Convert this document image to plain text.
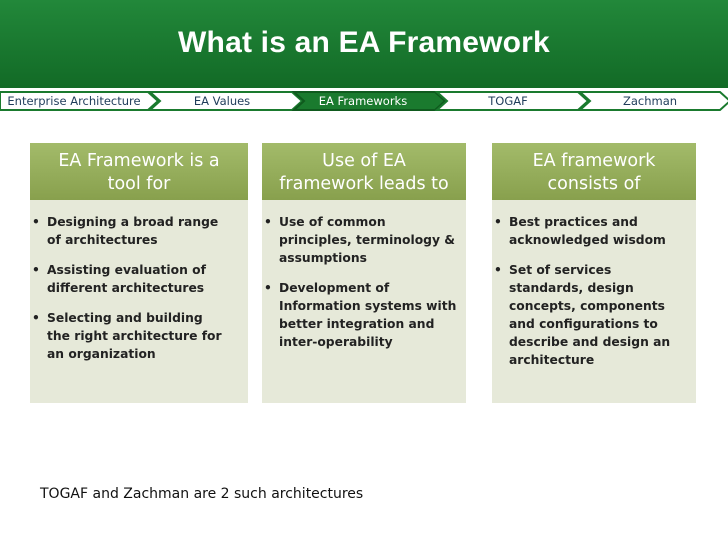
What is an EA Framework
Enterprise Architecture	EA Values	EA Frameworks	TOGAF	Zachman
EA Framework is a
tool for
• Designing a broad range
of architectures
• Assisting evaluation of
different architectures
• Selecting and building
the right architecture for
an organization
Use of EA
framework leads to
• Use of common
principles, terminology &
assumptions
• Development of
Information systems with
better integration and
inter-operability
EA framework
consists of
• Best practices and
acknowledged wisdom
• Set of services
standards, design
concepts, components
and configurations to
describe and design an
architecture
TOGAF and Zachman are 2 such architectures
